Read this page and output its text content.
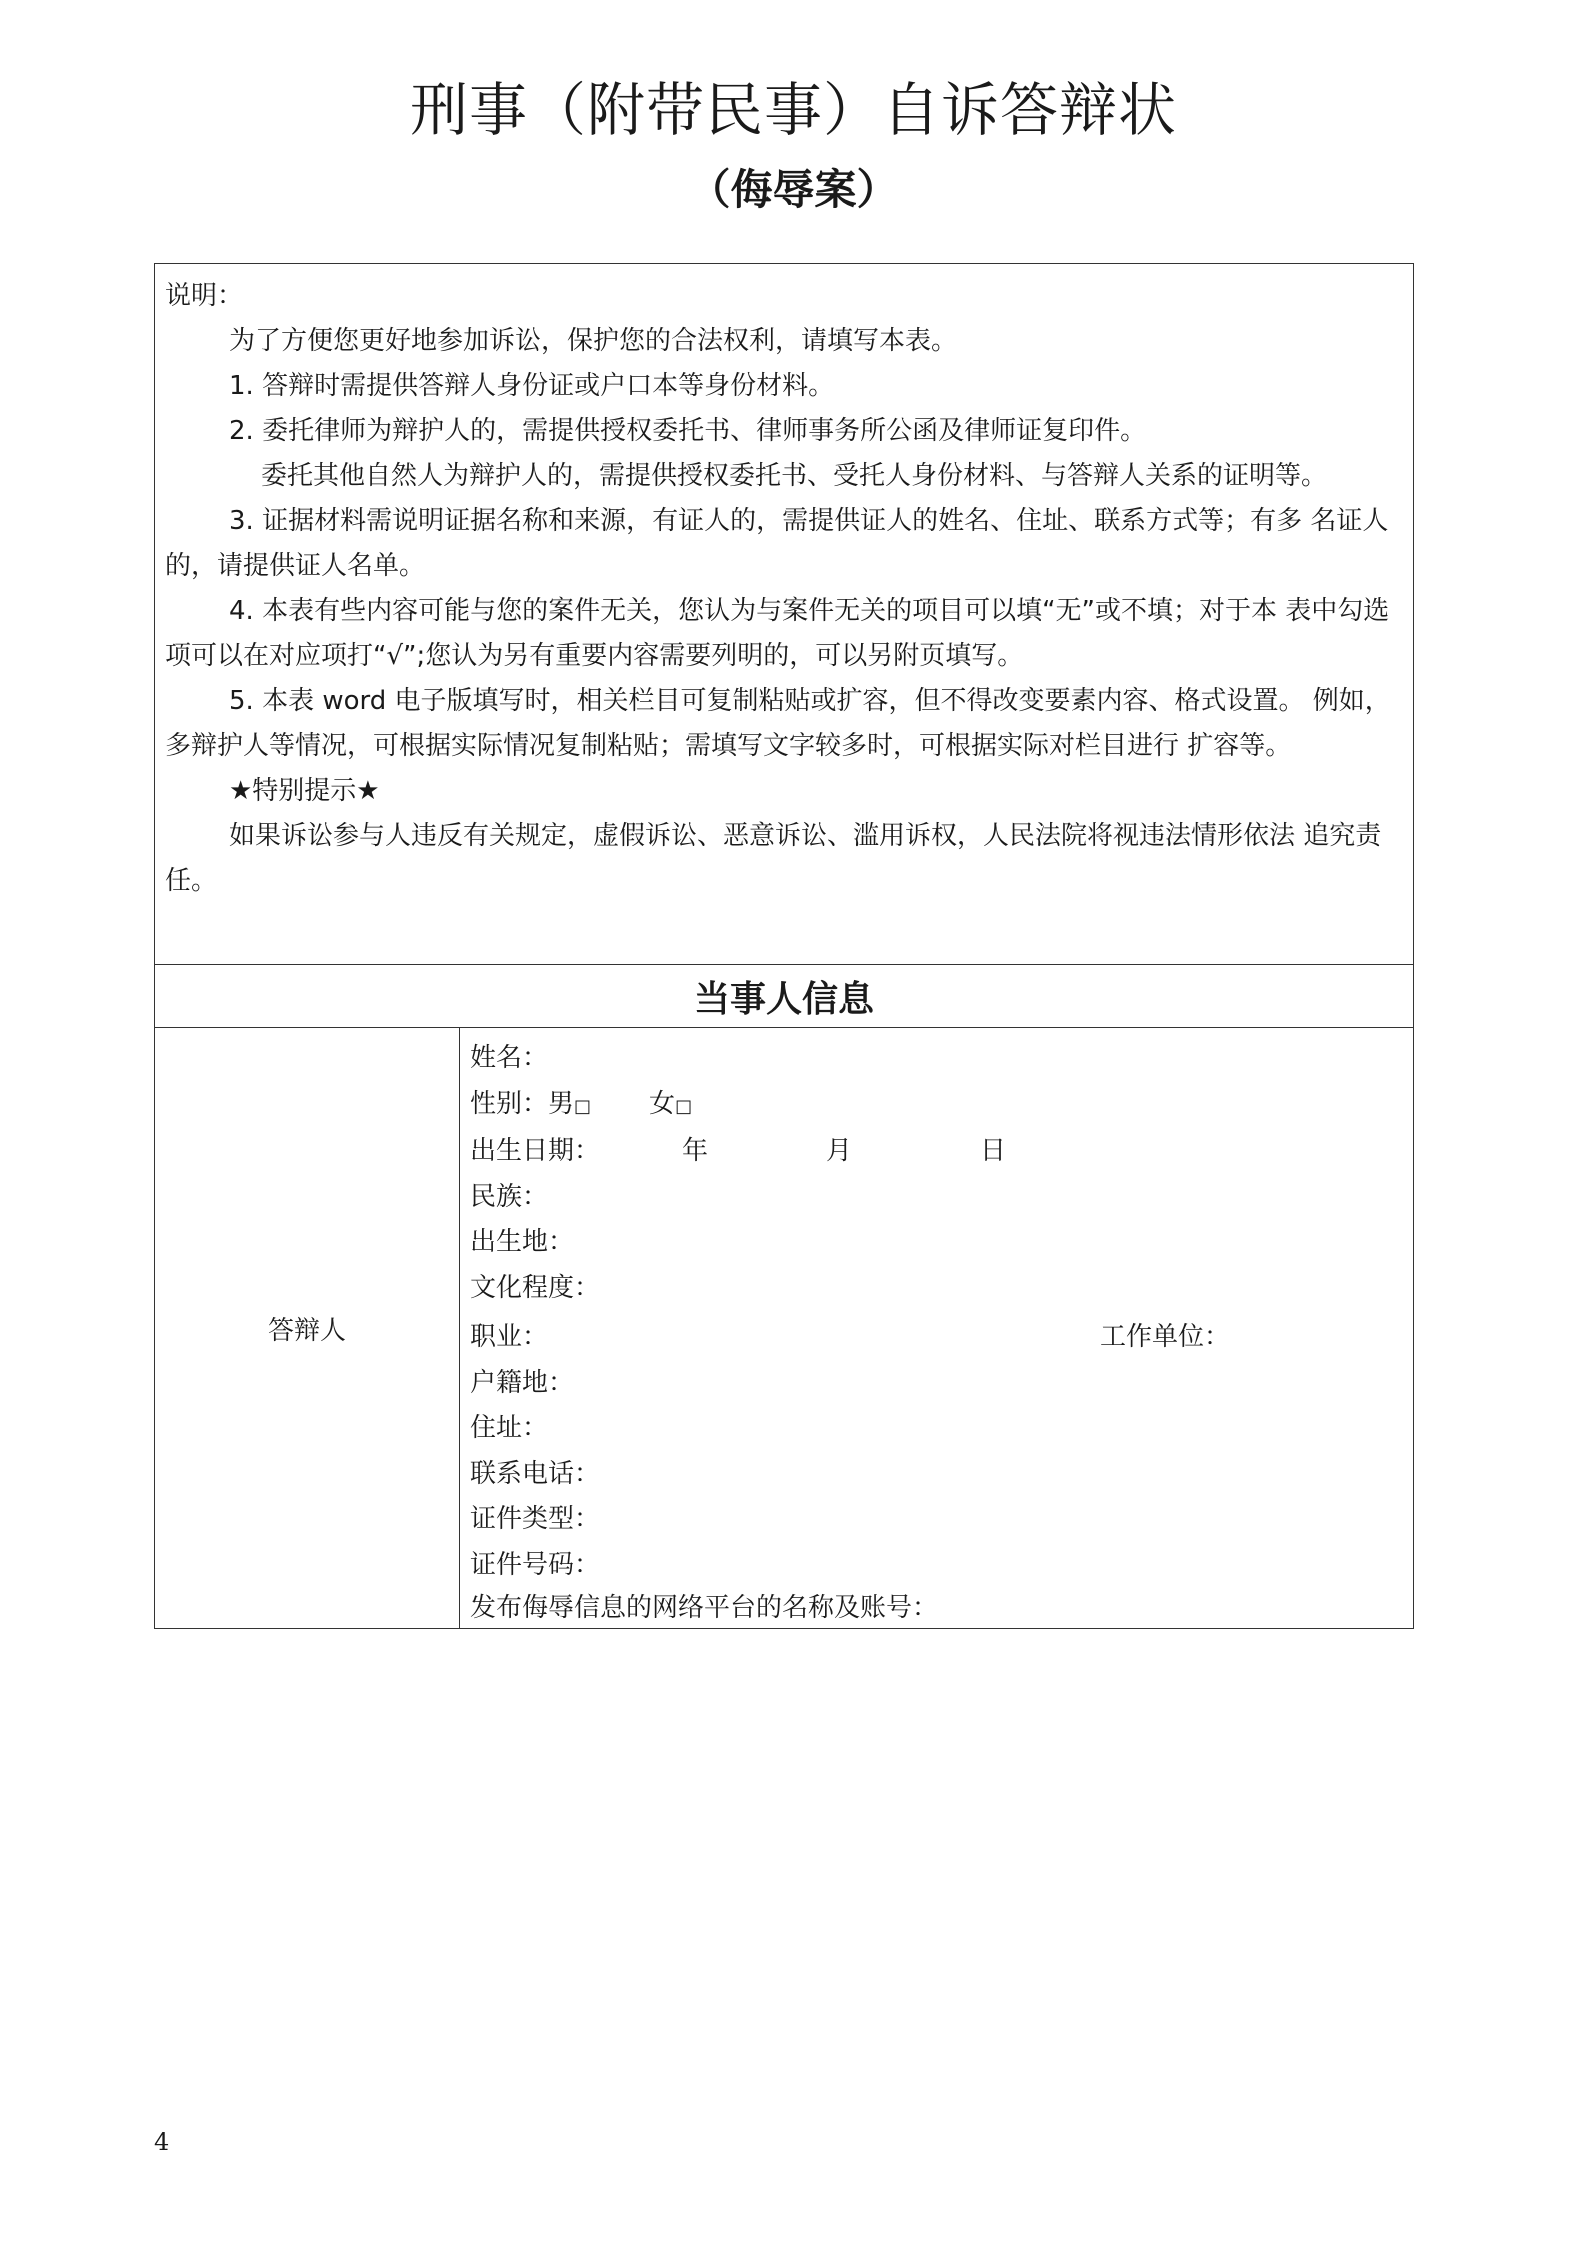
刑事（附带民事）自诉答辩状
（侮辱案）

说明：

为了方便您更好地参加诉讼，保护您的合法权利，请填写本表。

1. 答辩时需提供答辩人身份证或户口本等身份材料。

2. 委托律师为辩护人的，需提供授权委托书、律师事务所公函及律师证复印件。

委托其他自然人为辩护人的，需提供授权委托书、受托人身份材料、与答辩人关系的证明等。

3. 证据材料需说明证据名称和来源，有证人的，需提供证人的姓名、住址、联系方式等；有多 名证人的，请提供证人名单。

4. 本表有些内容可能与您的案件无关，您认为与案件无关的项目可以填“无”或不填；对于本 表中勾选项可以在对应项打“√”;您认为另有重要内容需要列明的，可以另附页填写。

5. 本表 word 电子版填写时，相关栏目可复制粘贴或扩容，但不得改变要素内容、格式设置。 例如，多辩护人等情况，可根据实际情况复制粘贴；需填写文字较多时，可根据实际对栏目进行 扩容等。

★特别提示★

如果诉讼参与人违反有关规定，虚假诉讼、恶意诉讼、滥用诉权，人民法院将视违法情形依法 追究责任。

当事人信息
答辩人	
姓名：
性别：男□ 女□
出生日期：	年	月	日
民族：
出生地：
文化程度：
职业：	工作单位：
户籍地：
住址：
联系电话：
证件类型：
证件号码：
发布侮辱信息的网络平台的名称及账号：
4
